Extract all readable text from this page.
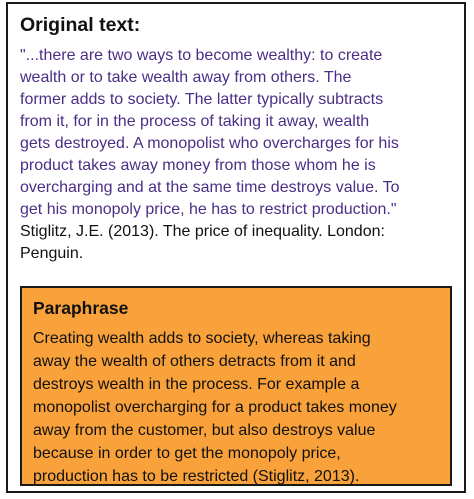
Original text:
"...there are two ways to become wealthy: to create
wealth or to take wealth away from others. The
former adds to society. The latter typically subtracts
from it, for in the process of taking it away, wealth
gets destroyed. A monopolist who overcharges for his
product takes away money from those whom he is
overcharging and at the same time destroys value. To
get his monopoly price, he has to restrict production."
Stiglitz, J.E. (2013). The price of inequality. London:
Penguin.
Paraphrase
Creating wealth adds to society, whereas taking
away the wealth of others detracts from it and
destroys wealth in the process. For example a
monopolist overcharging for a product takes money
away from the customer, but also destroys value
because in order to get the monopoly price,
production has to be restricted (Stiglitz, 2013).
